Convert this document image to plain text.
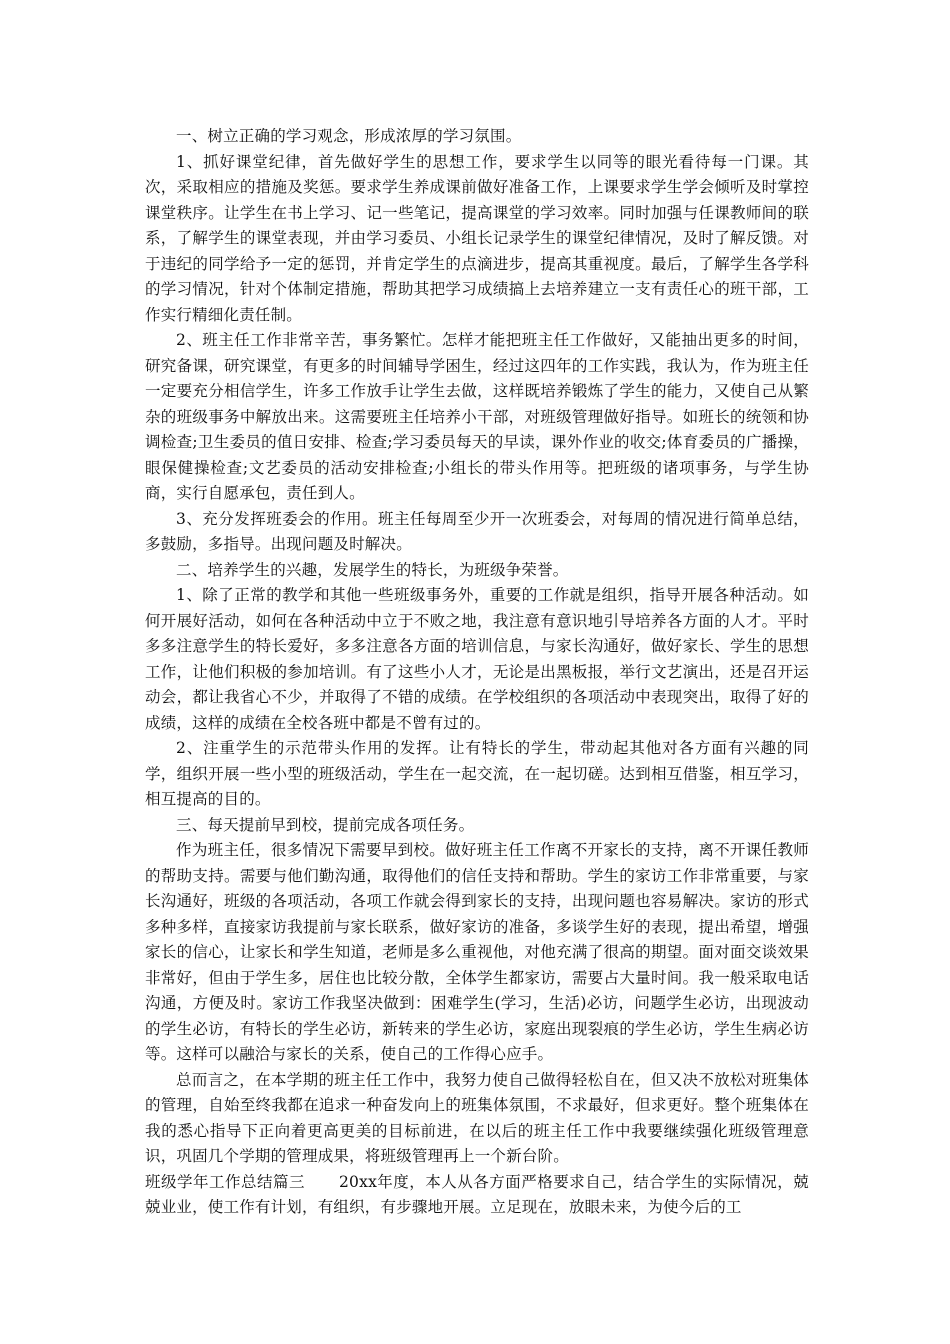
一、树立正确的学习观念，形成浓厚的学习氛围。

1、抓好课堂纪律，首先做好学生的思想工作，要求学生以同等的眼光看待每一门课。其次，采取相应的措施及奖惩。要求学生养成课前做好准备工作，上课要求学生学会倾听及时掌控课堂秩序。让学生在书上学习、记一些笔记，提高课堂的学习效率。同时加强与任课教师间的联系，了解学生的课堂表现，并由学习委员、小组长记录学生的课堂纪律情况，及时了解反馈。对于违纪的同学给予一定的惩罚，并肯定学生的点滴进步，提高其重视度。最后，了解学生各学科的学习情况，针对个体制定措施，帮助其把学习成绩搞上去培养建立一支有责任心的班干部，工作实行精细化责任制。

2、班主任工作非常辛苦，事务繁忙。怎样才能把班主任工作做好，又能抽出更多的时间，研究备课，研究课堂，有更多的时间辅导学困生，经过这四年的工作实践，我认为，作为班主任一定要充分相信学生，许多工作放手让学生去做，这样既培养锻炼了学生的能力，又使自己从繁杂的班级事务中解放出来。这需要班主任培养小干部，对班级管理做好指导。如班长的统领和协调检查;卫生委员的值日安排、检查;学习委员每天的早读，课外作业的收交;体育委员的广播操，眼保健操检查;文艺委员的活动安排检查;小组长的带头作用等。把班级的诸项事务，与学生协商，实行自愿承包，责任到人。

3、充分发挥班委会的作用。班主任每周至少开一次班委会，对每周的情况进行简单总结，多鼓励，多指导。出现问题及时解决。

二、培养学生的兴趣，发展学生的特长，为班级争荣誉。

1、除了正常的教学和其他一些班级事务外，重要的工作就是组织，指导开展各种活动。如何开展好活动，如何在各种活动中立于不败之地，我注意有意识地引导培养各方面的人才。平时多多注意学生的特长爱好，多多注意各方面的培训信息，与家长沟通好，做好家长、学生的思想工作，让他们积极的参加培训。有了这些小人才，无论是出黑板报，举行文艺演出，还是召开运动会，都让我省心不少，并取得了不错的成绩。在学校组织的各项活动中表现突出，取得了好的成绩，这样的成绩在全校各班中都是不曾有过的。

2、注重学生的示范带头作用的发挥。让有特长的学生，带动起其他对各方面有兴趣的同学，组织开展一些小型的班级活动，学生在一起交流，在一起切磋。达到相互借鉴，相互学习，相互提高的目的。

三、每天提前早到校，提前完成各项任务。

作为班主任，很多情况下需要早到校。做好班主任工作离不开家长的支持，离不开课任教师的帮助支持。需要与他们勤沟通，取得他们的信任支持和帮助。学生的家访工作非常重要，与家长沟通好，班级的各项活动，各项工作就会得到家长的支持，出现问题也容易解决。家访的形式多种多样，直接家访我提前与家长联系，做好家访的准备，多谈学生好的表现，提出希望，增强家长的信心，让家长和学生知道，老师是多么重视他，对他充满了很高的期望。面对面交谈效果非常好，但由于学生多，居住也比较分散，全体学生都家访，需要占大量时间。我一般采取电话沟通，方便及时。家访工作我坚决做到：困难学生(学习，生活)必访，问题学生必访，出现波动的学生必访，有特长的学生必访，新转来的学生必访，家庭出现裂痕的学生必访，学生生病必访等。这样可以融洽与家长的关系，使自己的工作得心应手。

总而言之，在本学期的班主任工作中，我努力使自己做得轻松自在，但又决不放松对班集体的管理，自始至终我都在追求一种奋发向上的班集体氛围，不求最好，但求更好。整个班集体在我的悉心指导下正向着更高更美的目标前进，在以后的班主任工作中我要继续强化班级管理意识，巩固几个学期的管理成果，将班级管理再上一个新台阶。

班级学年工作总结篇三 20xx年度，本人从各方面严格要求自己，结合学生的实际情况，兢兢业业，使工作有计划，有组织，有步骤地开展。立足现在，放眼未来，为使今后的工
